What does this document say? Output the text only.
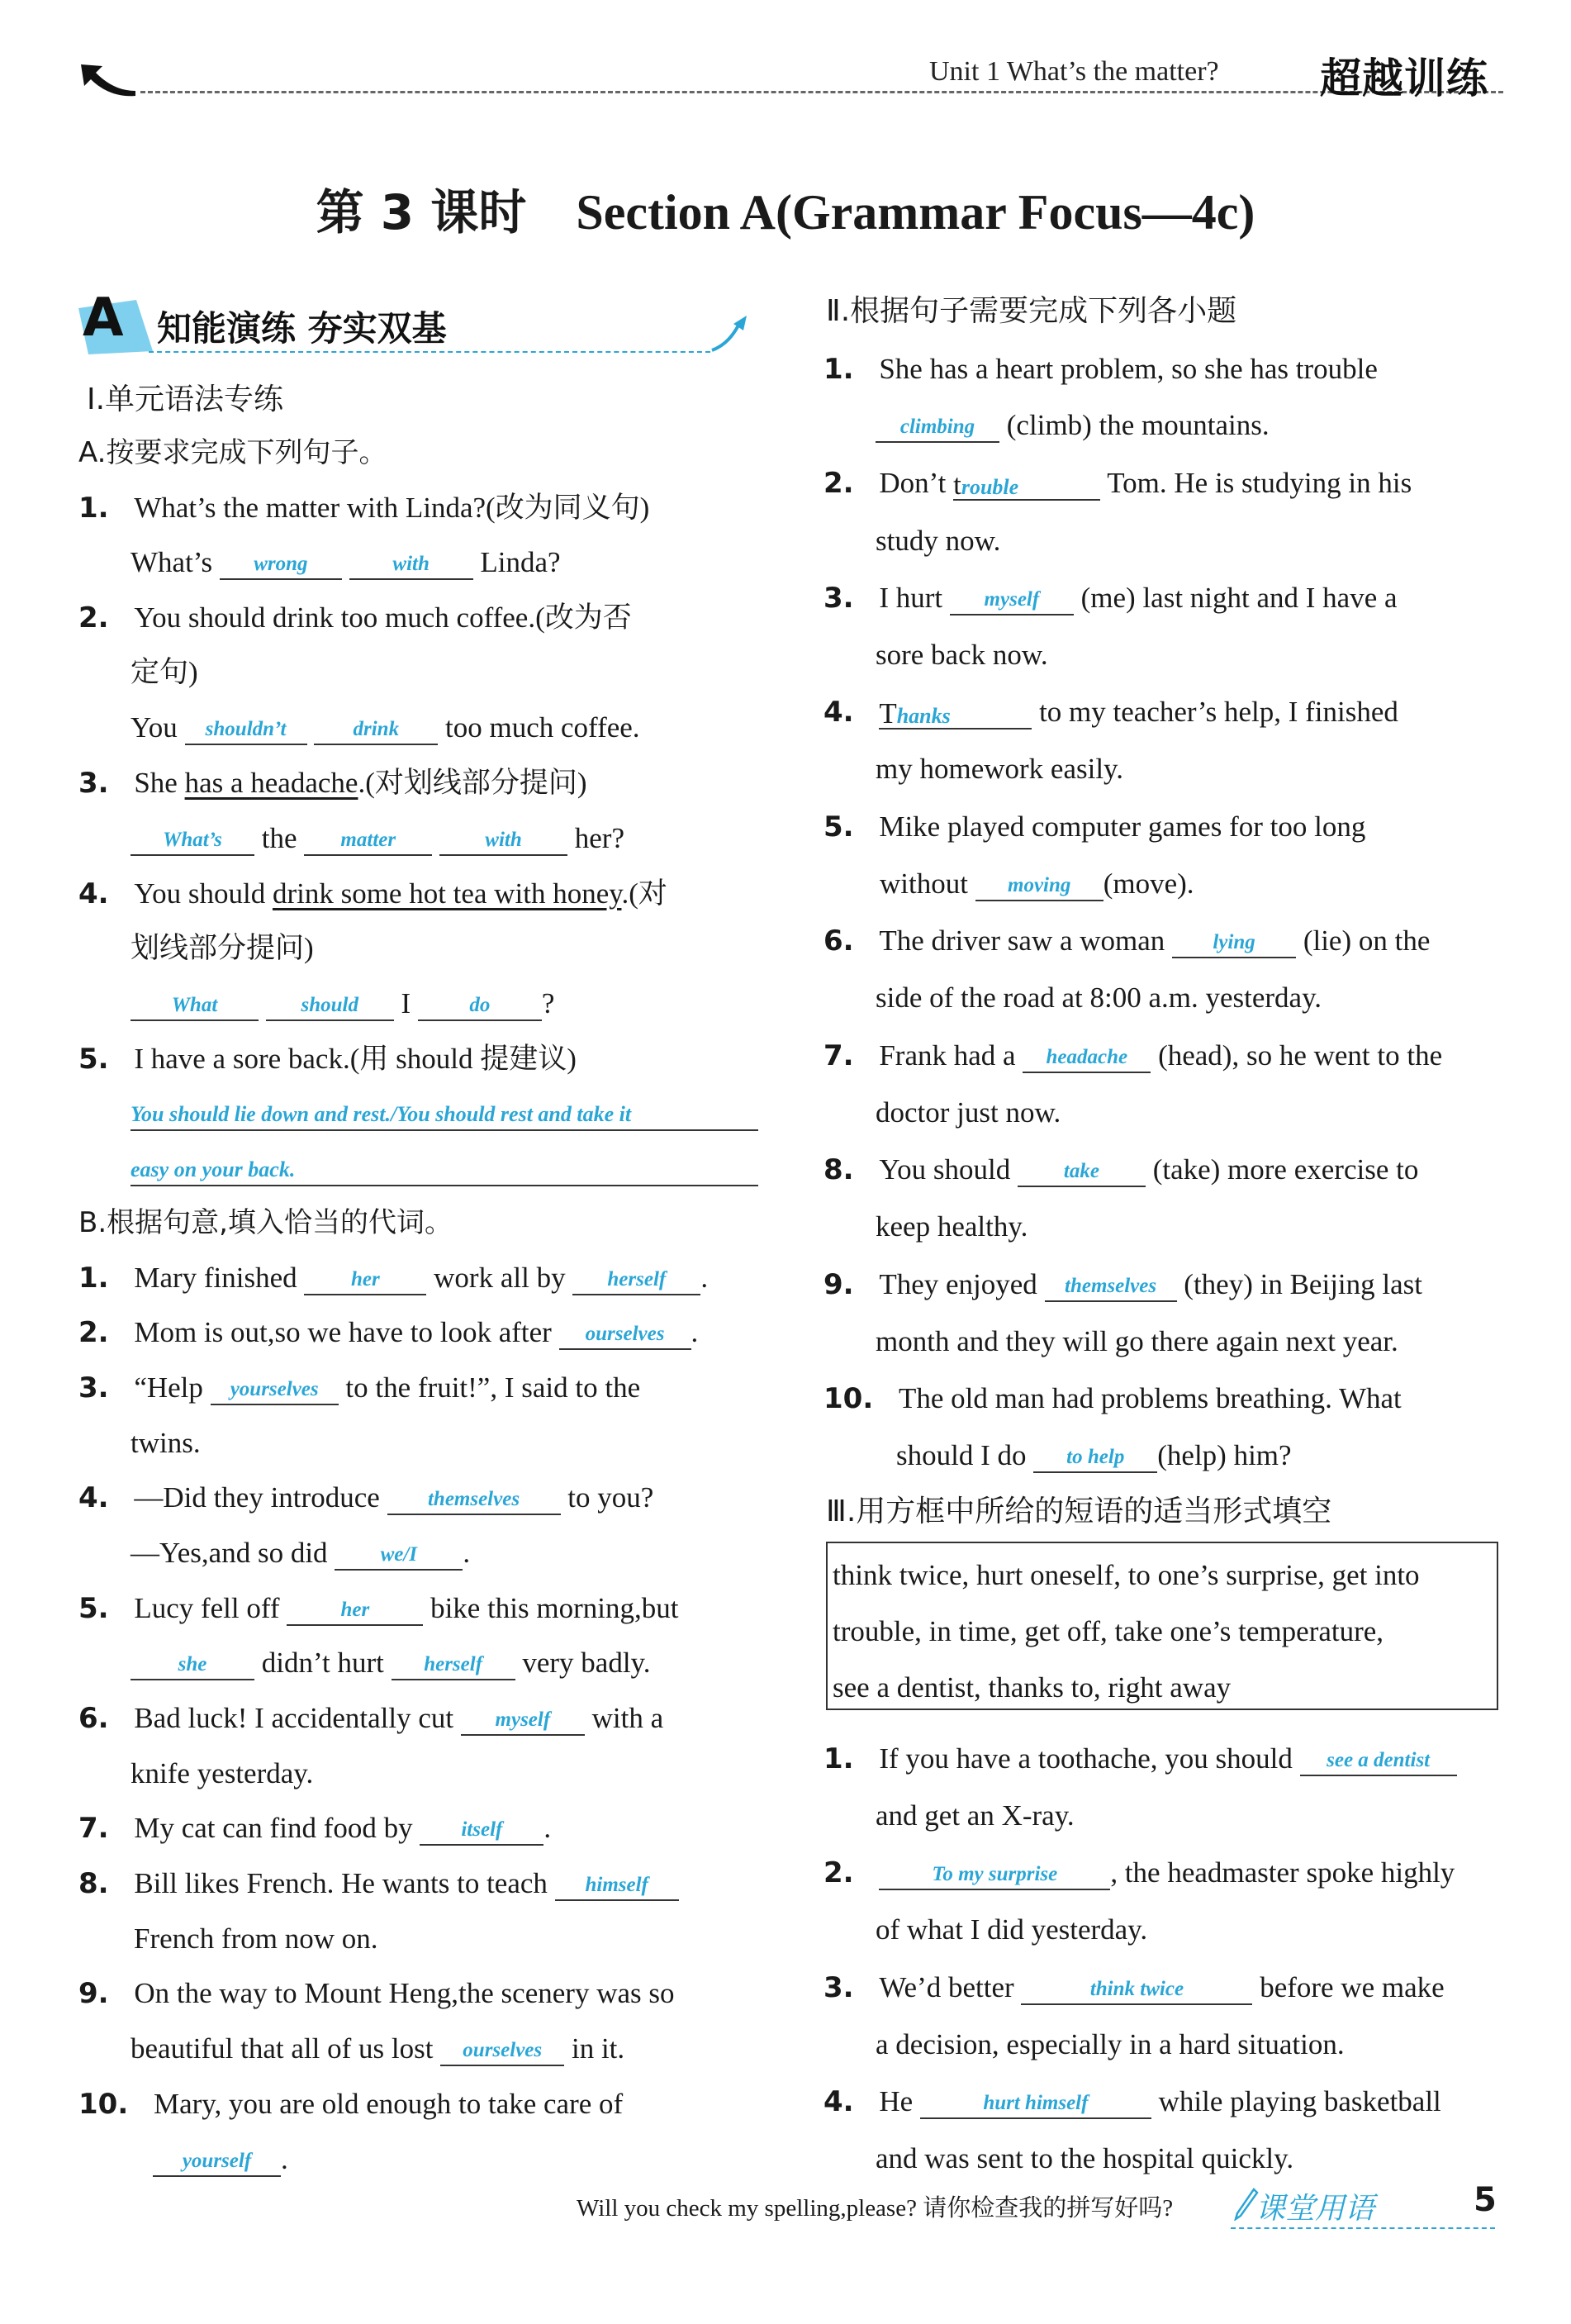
Unit 1 What’s the matter? 超越训练
第 3 课时 Section A(Grammar Focus—4c)
A 知能演练 夯实双基
Ⅰ.单元语法专练
A.按要求完成下列句子。
1. What’s the matter with Linda?(改为同义句)
What’s wrong	with Linda?
2. You should drink too much coffee.(改为否
定句)
You shouldn’t	drink too much coffee.
3. She has a headache.(对划线部分提问)
What’s the matter	with her?
4. You should drink some hot tea with honey.(对
划线部分提问)
What	should I	do ?
5. I have a sore back.(用 should 提建议)
You should lie down and rest./You should rest and take it
easy on your back.
B.根据句意,填入恰当的代词。
1. Mary finished	her work all by herself .
2. Mom is out,so we have to look after ourselves .
3. “Help yourselves to the fruit!”, I said to the
twins.
4. —Did they introduce themselves to you?
—Yes,and so did	we/I .
5. Lucy fell off	her bike this morning,but
she didn’t hurt herself very badly.
6. Bad luck! I accidentally cut myself with a
knife yesterday.
7. My cat can find food by itself .
8. Bill likes French. He wants to teach himself
French from now on.
9. On the way to Mount Heng,the scenery was so
beautiful that all of us lost ourselves in it.
10. Mary, you are old enough to take care of
yourself .
Ⅱ.根据句子需要完成下列各小题
1. She has a heart problem, so she has trouble
climbing (climb) the mountains.
2. Don’t trouble	Tom. He is studying in his
study now.
3. I hurt myself (me) last night and I have a
sore back now.
4. Thanks	to my teacher’s help, I finished
my homework easily.
5. Mike played computer games for too long
without moving (move).
6. The driver saw a woman lying (lie) on the
side of the road at 8:00 a.m. yesterday.
7. Frank had a headache (head), so he went to the
doctor just now.
8. You should	take (take) more exercise to
keep healthy.
9. They enjoyed themselves (they) in Beijing last
month and they will go there again next year.
10. The old man had problems breathing. What
should I do to help (help) him?
Ⅲ.用方框中所给的短语的适当形式填空
think twice, hurt oneself, to one’s surprise, get into
trouble, in time, get off, take one’s temperature,
see a dentist, thanks to, right away
1. If you have a toothache, you should see a dentist
and get an X-ray.
2.	To my surprise , the headmaster spoke highly
of what I did yesterday.
3. We’d better	think twice	before we make
a decision, especially in a hard situation.
4. He	hurt himself while playing basketball
and was sent to the hospital quickly.
Will you check my spelling,please? 请你检查我的拼写好吗?	课堂用语	5
